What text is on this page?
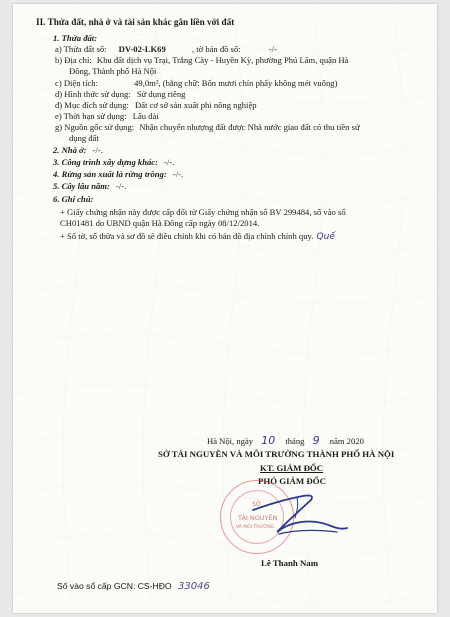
II. Thửa đất, nhà ở và tài sản khác gắn liền với đất
1. Thửa đất:
a) Thửa đất số: DV-02-LK69	, tờ bản đồ số:	-/-
b) Địa chỉ: Khu đất dịch vụ Trại, Trắng Cày - Huyền Kỳ, phường Phú Lãm, quận Hà
Đông, Thành phố Hà Nội
c) Diện tích:	49,0m², (bằng chữ: Bốn mươi chín phẩy không mét vuông)
d) Hình thức sử dụng: Sử dụng riêng
đ) Mục đích sử dụng: Đất cơ sở sản xuất phi nông nghiệp
e) Thời hạn sử dụng: Lâu dài
g) Nguồn gốc sử dụng: Nhận chuyển nhượng đất được Nhà nước giao đất có thu tiền sử
dụng đất
2. Nhà ở: -/-.
3. Công trình xây dựng khác: -/-.
4. Rừng sản xuất là rừng trồng: -/-.
5. Cây lâu năm: -/-.
6. Ghi chú:
+ Giấy chứng nhận này được cấp đổi từ Giấy chứng nhận số BV 299484, số vào sổ
CH01481 do UBND quận Hà Đông cấp ngày 08/12/2014.
+ Số tờ, số thửa và sơ đồ sẽ điều chỉnh khi có bản đồ địa chính chính quy. Quế
Hà Nội, ngày 10 tháng 9 năm 2020
SỞ TÀI NGUYÊN VÀ MÔI TRƯỜNG THÀNH PHỐ HÀ NỘI
KT. GIÁM ĐỐC
PHÓ GIÁM ĐỐC
SỞ
TÀI NGUYÊN
VÀ MÔI TRƯỜNG
Lê Thanh Nam
Số vào sổ cấp GCN: CS-HĐO 33046
